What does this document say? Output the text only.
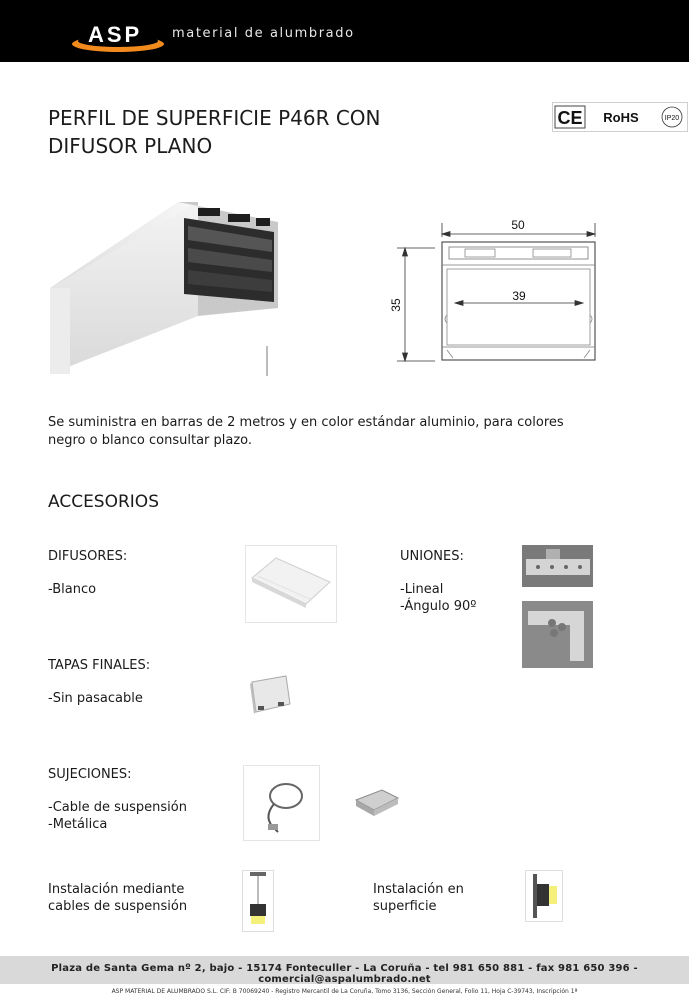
ASP material de alumbrado
PERFIL DE SUPERFICIE P46R CON
DIFUSOR PLANO
CE RoHS	IP20
50
39
35
Se suministra en barras de 2 metros y en color estándar aluminio, para colores
negro o blanco consultar plazo.
ACCESORIOS
DIFUSORES:
-Blanco
UNIONES:
-Lineal
-Ángulo 90º
TAPAS FINALES:
-Sin pasacable
SUJECIONES:
-Cable de suspensión
-Metálica
Instalación mediante
cables de suspensión
Instalación en
superficie
Plaza de Santa Gema nº 2, bajo - 15174 Fonteculler - La Coruña - tel 981 650 881 - fax 981 650 396 - comercial@aspalumbrado.net
ASP MATERIAL DE ALUMBRADO S.L. CIF: B 70069240 - Registro Mercantil de La Coruña, Tomo 3136, Sección General, Folio 11, Hoja C-39743, Inscripción 1ª
